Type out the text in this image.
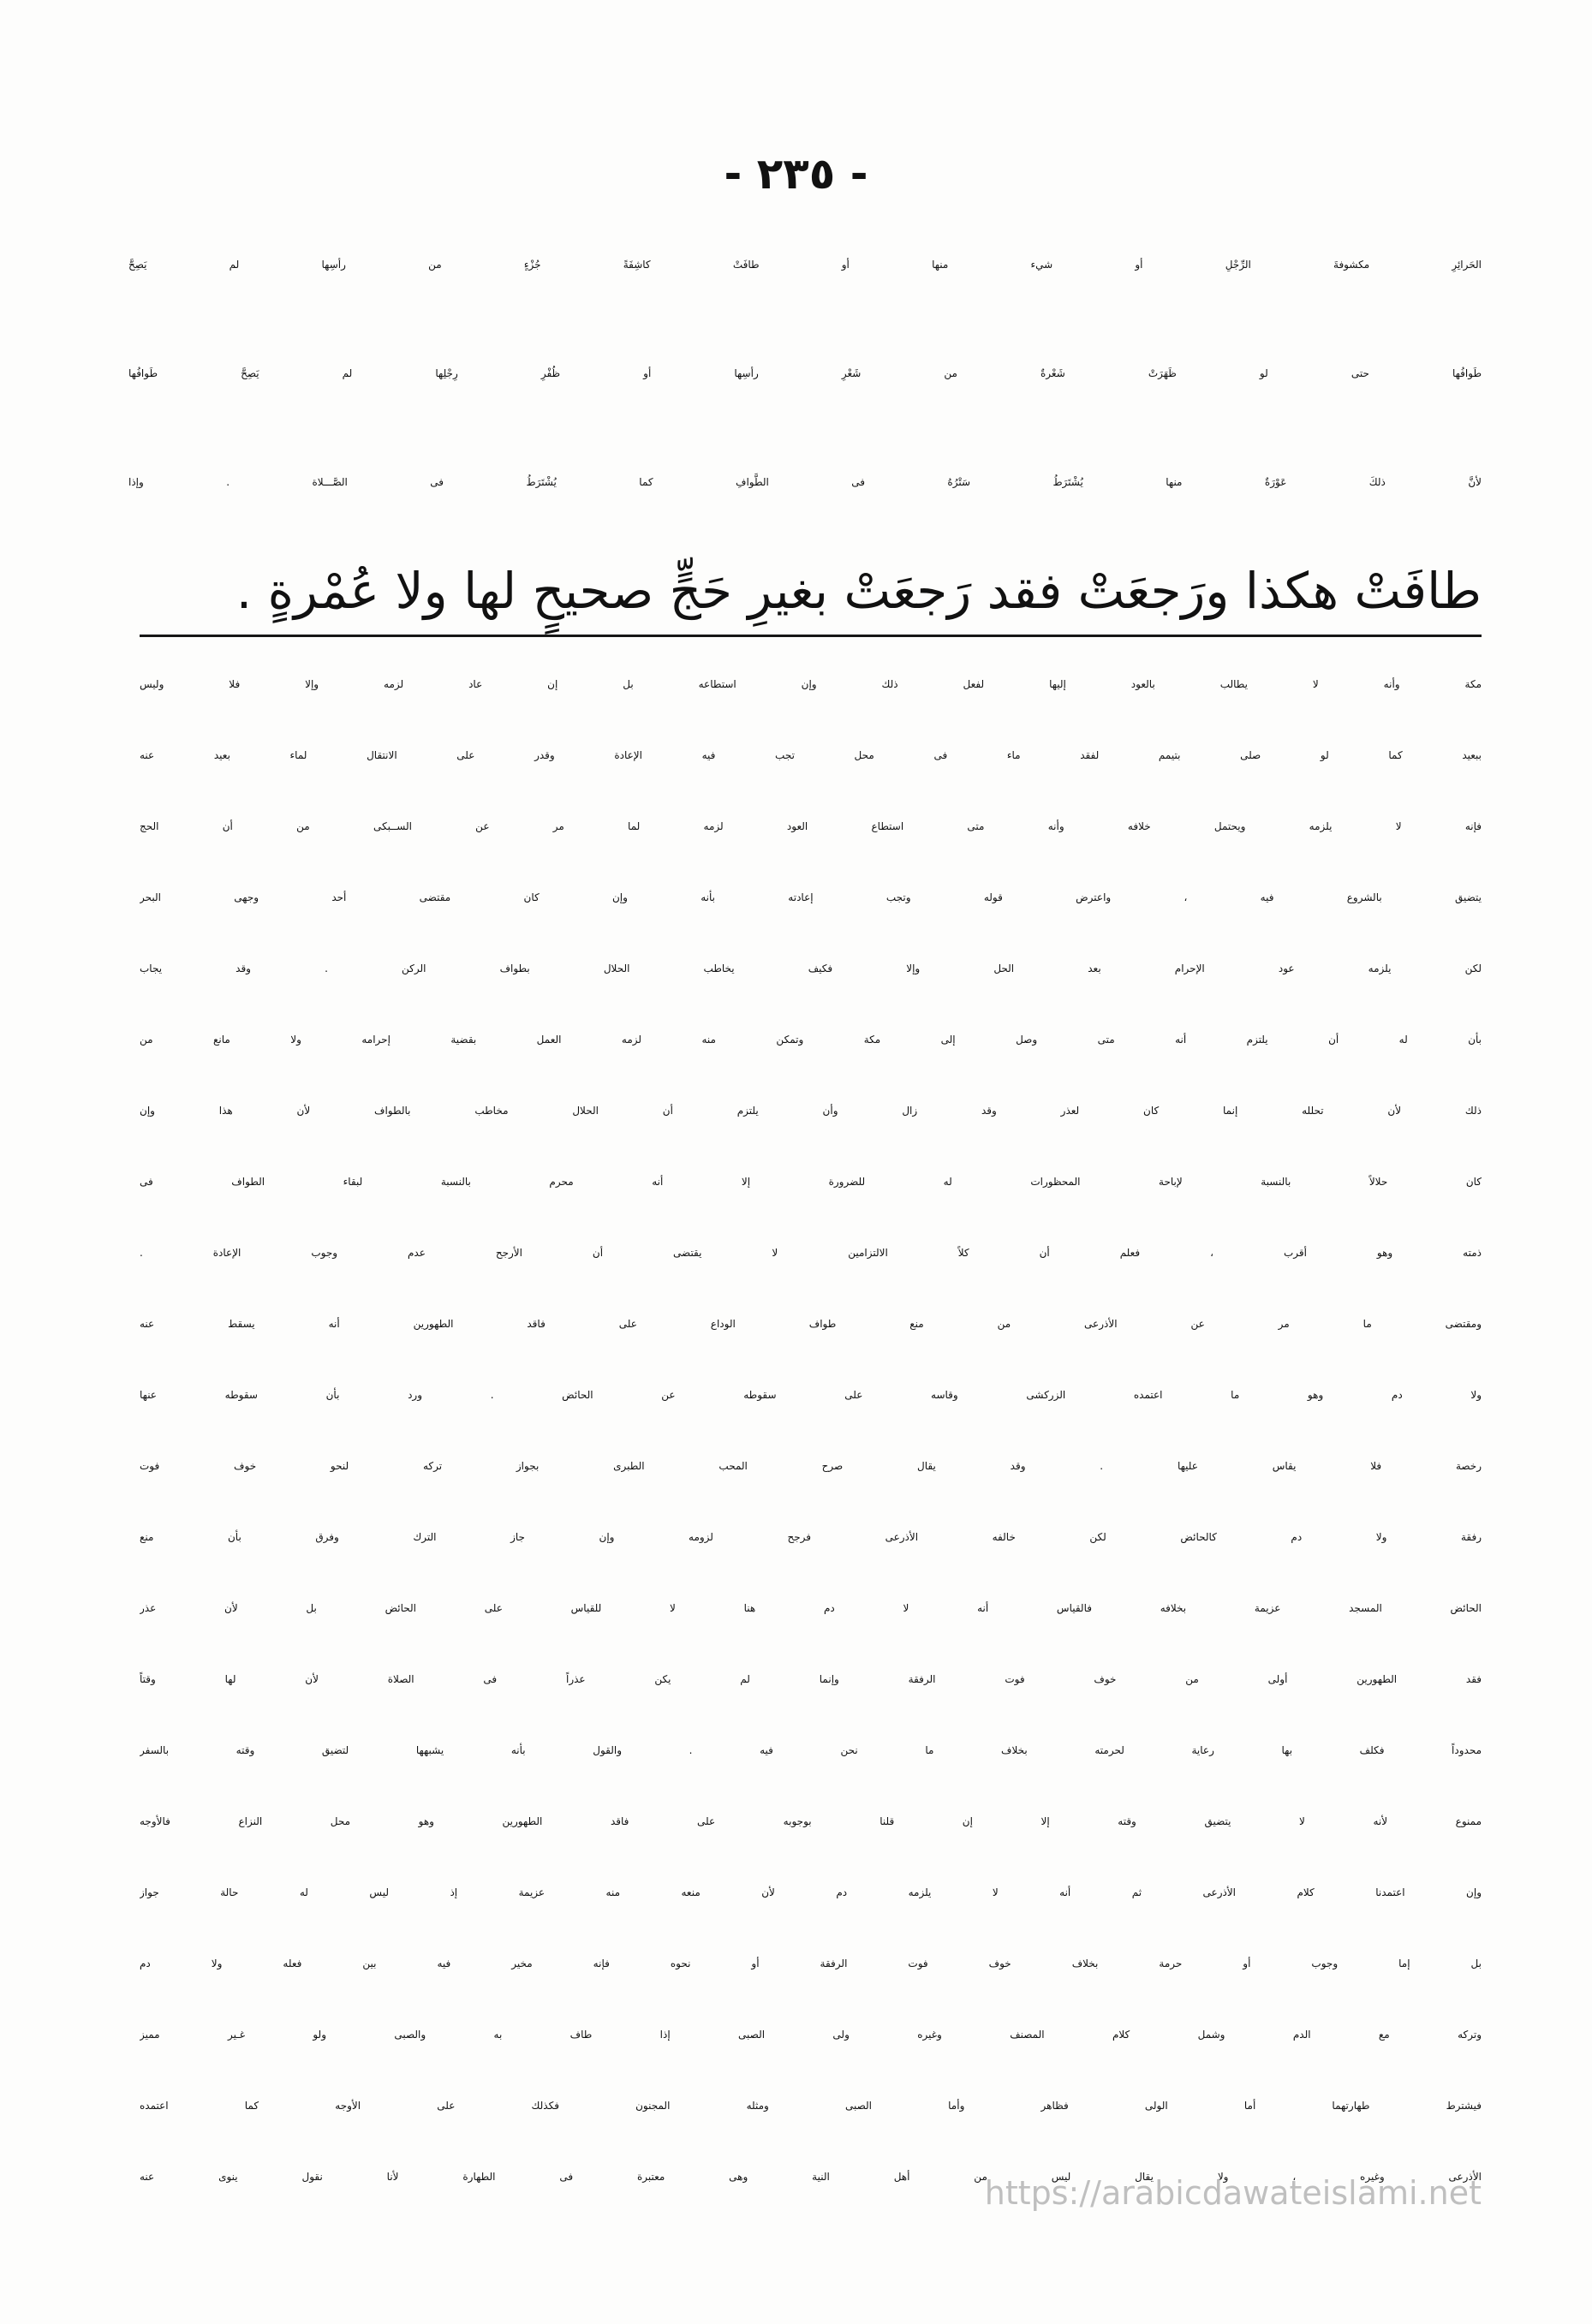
- ٢٣٥ -
الحَرائِرِ مكشوفةَ الرِّجْلِ أو شيء منها أو طافَتْ كاشِفَةً جُزْءٍ من رأسِها لم يَصِحَّ
طَوافُها حتى لو ظَهَرَتْ شَعْرةٌ من شَعْرِ رأسِها أو ظُفْرِ رِجْلِها لم يَصِحَّ طَوافُها
لأنَّ ذلكَ عَوْرَةٌ منها يُشْتَرَطُ سَتْرُهُ فى الطَّوافِ كما يُشْتَرَطُ فى الصَّـــلاة . وإذا
طافَتْ هكذا ورَجعَتْ فقد رَجعَتْ بغيرِ حَجٍّ صحيحٍ لها ولا عُمْرةٍ .
مكة وأنه لا يطالب بالعود إليها لفعل ذلك وإن استطاعه بل إن عاد لزمه وإلا فلا وليس
ببعيد كما لو صلى بتيمم لفقد ماء فى محل تجب فيه الإعادة وقدر على الانتقال لماء بعيد عنه
فإنه لا يلزمه ويحتمل خلافه وأنه متى استطاع العود لزمه لما مر عن الســبكى من أن الحج
يتضيق بالشروع فيه ، واعترض قوله وتجب إعادته بأنه وإن كان مقتضى أحد وجهى البحر
لكن يلزمه عود الإحرام بعد الحل وإلا فكيف يخاطب الحلال بطواف الركن . وقد يجاب
بأن له أن يلتزم أنه متى وصل إلى مكة وتمكن منه لزمه العمل بقضية إحرامه ولا مانع من
ذلك لأن تحلله إنما كان لعذر وقد زال وأن يلتزم أن الحلال مخاطب بالطواف لأن هذا وإن
كان حلالاً بالنسبة لإباحة المحظورات له للضرورة إلا أنه محرم بالنسبة لبقاء الطواف فى
ذمته وهو أقرب ، فعلم أن كلاً الالتزامين لا يقتضى أن الأرجح عدم وجوب الإعادة .
ومقتضى ما مر عن الأذرعى من منع طواف الوداع على فاقد الطهورين أنه يسقط عنه
ولا دم وهو ما اعتمده الزركشى وقاسه على سقوطه عن الحائض . ورد بأن سقوطه عنها
رخصة فلا يقاس عليها . وقد يقال صرح المحب الطبرى بجواز تركه لنحو خوف فوت
رفقة ولا دم كالحائض لكن خالفه الأذرعى فرجح لزومه وإن جاز الترك وفرق بأن منع
الحائض المسجد عزيمة بخلافه فالقياس أنه لا دم هنا لا للقياس على الحائض بل لأن عذر
فقد الطهورين أولى من خوف فوت الرفقة وإنما لم يكن عذراً فى الصلاة لأن لها وقتاً
محدوداً فكلف بها رعاية لحرمته بخلاف ما نحن فيه . والقول بأنه يشبهها لتضيق وقته بالسفر
ممنوع لأنه لا يتضيق وقته إلا إن قلنا بوجوبه على فاقد الطهورين وهو محل النزاع فالأوجه
وإن اعتمدنا كلام الأذرعى ثم أنه لا يلزمه دم لأن منعه منه عزيمة إذ ليس له حالة جواز
بل إما وجوب أو حرمة بخلاف خوف فوت الرفقة أو نحوه فإنه مخير فيه بين فعله ولا دم
وتركه مع الدم وشمل كلام المصنف وغيره ولى الصبى إذا طاف به والصبى ولو غـير مميز
فيشترط طهارتهما أما الولى فظاهر وأما الصبى ومثله المجنون فكذلك على الأوجه كما اعتمده
الأذرعى وغيره ، ولا يقال ليس من أهل النية وهى معتبرة فى الطهارة لأنا نقول ينوى عنه
https://arabicdawateislami.net
